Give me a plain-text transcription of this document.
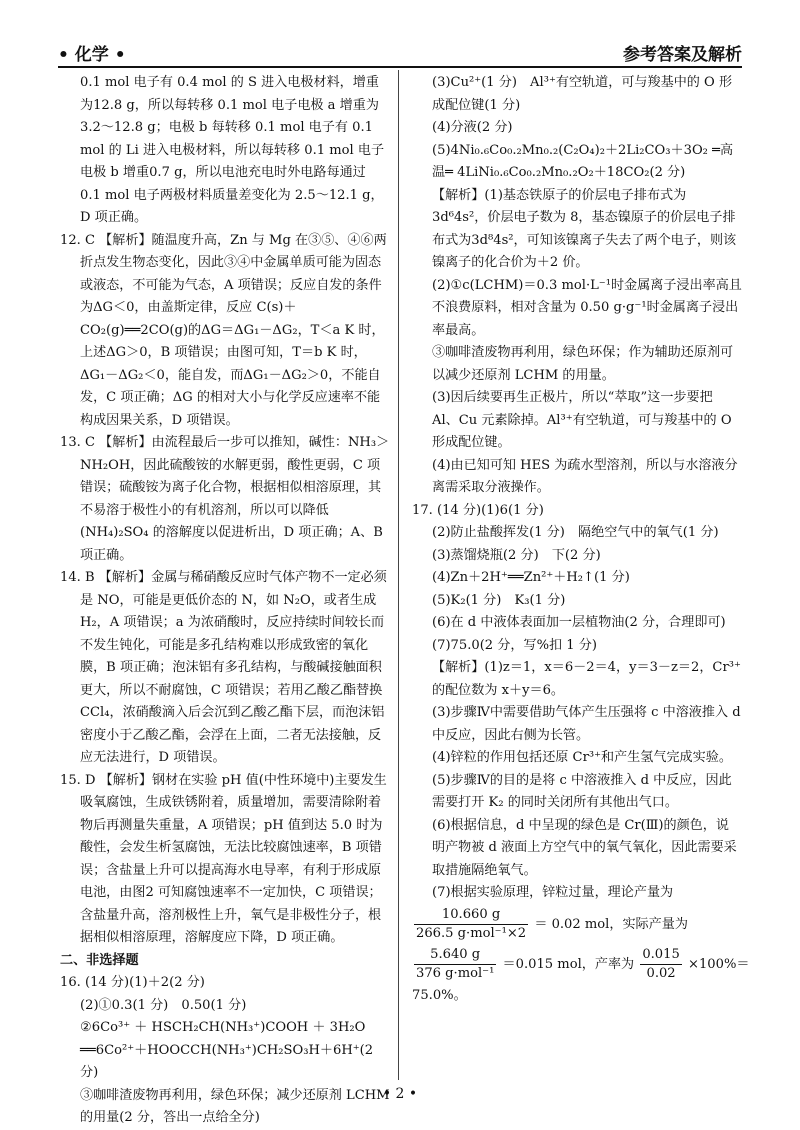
• 化学 •	参考答案及解析
0.1 mol 电子有 0.4 mol 的 S 进入电极材料，增重为12.8 g，所以每转移 0.1 mol 电子电极 a 增重为 3.2～12.8 g；电极 b 每转移 0.1 mol 电子有 0.1 mol 的 Li 进入电极材料，所以每转移 0.1 mol 电子电极 b 增重0.7 g，所以电池充电时外电路每通过 0.1 mol 电子两极材料质量差变化为 2.5～12.1 g，D 项正确。
12. C 【解析】随温度升高，Zn 与 Mg 在③⑤、④⑥两折点发生物态变化，因此③④中金属单质可能为固态或液态，不可能为气态，A 项错误；反应自发的条件为ΔG＜0，由盖斯定律，反应 C(s)＋CO₂(g)══2CO(g)的ΔG＝ΔG₁－ΔG₂，T＜a K 时，上述ΔG＞0，B 项错误；由图可知，T＝b K 时，ΔG₁－ΔG₂＜0，能自发，而ΔG₁－ΔG₂＞0，不能自发，C 项正确；ΔG 的相对大小与化学反应速率不能构成因果关系，D 项错误。
13. C 【解析】由流程最后一步可以推知，碱性：NH₃＞NH₂OH，因此硫酸铵的水解更弱，酸性更弱，C 项错误；硫酸铵为离子化合物，根据相似相溶原理，其不易溶于极性小的有机溶剂，所以可以降低(NH₄)₂SO₄ 的溶解度以促进析出，D 项正确；A、B 项正确。
14. B 【解析】金属与稀硝酸反应时气体产物不一定必须是 NO，可能是更低价态的 N，如 N₂O，或者生成 H₂，A 项错误；a 为浓硝酸时，反应持续时间较长而不发生钝化，可能是多孔结构难以形成致密的氧化膜，B 项正确；泡沫铝有多孔结构，与酸碱接触面积更大，所以不耐腐蚀，C 项错误；若用乙酸乙酯替换 CCl₄，浓硝酸滴入后会沉到乙酸乙酯下层，而泡沫铝密度小于乙酸乙酯，会浮在上面，二者无法接触，反应无法进行，D 项错误。
15. D 【解析】钢材在实验 pH 值(中性环境中)主要发生吸氧腐蚀，生成铁锈附着，质量增加，需要清除附着物后再测量失重量，A 项错误；pH 值到达 5.0 时为酸性，会发生析氢腐蚀，无法比较腐蚀速率，B 项错误；含盐量上升可以提高海水电导率，有利于形成原电池，由图2 可知腐蚀速率不一定加快，C 项错误；含盐量升高，溶剂极性上升，氧气是非极性分子，根据相似相溶原理，溶解度应下降，D 项正确。
二、非选择题
16. (14 分)(1)＋2(2 分)
(2)①0.3(1 分)　0.50(1 分)
②6Co³⁺ ＋ HSCH₂CH(NH₃⁺)COOH ＋ 3H₂O ══6Co²⁺＋HOOCCH(NH₃⁺)CH₂SO₃H＋6H⁺(2 分)
③咖啡渣废物再利用，绿色环保；减少还原剂 LCHM的用量(2 分，答出一点给全分)
(3)Cu²⁺(1 分)　Al³⁺有空轨道，可与羧基中的 O 形成配位键(1 分)
(4)分液(2 分)
(5)4Ni₀.₆Co₀.₂Mn₀.₂(C₂O₄)₂＋2Li₂CO₃＋3O₂ ═高温═ 4LiNi₀.₆Co₀.₂Mn₀.₂O₂＋18CO₂(2 分)
【解析】(1)基态铁原子的价层电子排布式为 3d⁶4s²，价层电子数为 8，基态镍原子的价层电子排布式为3d⁸4s²，可知该镍离子失去了两个电子，则该镍离子的化合价为＋2 价。
(2)①c(LCHM)＝0.3 mol·L⁻¹时金属离子浸出率高且不浪费原料，相对含量为 0.50 g·g⁻¹时金属离子浸出率最高。
③咖啡渣废物再利用，绿色环保；作为辅助还原剂可以减少还原剂 LCHM 的用量。
(3)因后续要再生正极片，所以“萃取”这一步要把 Al、Cu 元素除掉。Al³⁺有空轨道，可与羧基中的 O 形成配位键。
(4)由已知可知 HES 为疏水型溶剂，所以与水溶液分离需采取分液操作。
17. (14 分)(1)6(1 分)
(2)防止盐酸挥发(1 分)　隔绝空气中的氧气(1 分)
(3)蒸馏烧瓶(2 分)　下(2 分)
(4)Zn＋2H⁺══Zn²⁺＋H₂↑(1 分)
(5)K₂(1 分)　K₃(1 分)
(6)在 d 中液体表面加一层植物油(2 分，合理即可)
(7)75.0(2 分，写%扣 1 分)
【解析】(1)z＝1，x＝6－2＝4，y＝3－z＝2，Cr³⁺的配位数为 x＋y＝6。
(3)步骤Ⅳ中需要借助气体产生压强将 c 中溶液推入 d中反应，因此右侧为长管。
(4)锌粒的作用包括还原 Cr³⁺和产生氢气完成实验。
(5)步骤Ⅳ的目的是将 c 中溶液推入 d 中反应，因此需要打开 K₂ 的同时关闭所有其他出气口。
(6)根据信息，d 中呈现的绿色是 Cr(Ⅲ)的颜色，说明产物被 d 液面上方空气中的氧气氧化，因此需要采取措施隔绝氧气。
(7)根据实验原理，锌粒过量，理论产量为
$\frac{10.660 g}{\text{266.5 g·mol⁻¹×2}} = 0.02$ mol，实际产量为
$\frac{5.640 g}{\text{376 g·mol⁻¹}} =0.015$ mol，产率为 $\frac{0.015}{0.02} \times 100\%=$
75.0%。
• 2 •
